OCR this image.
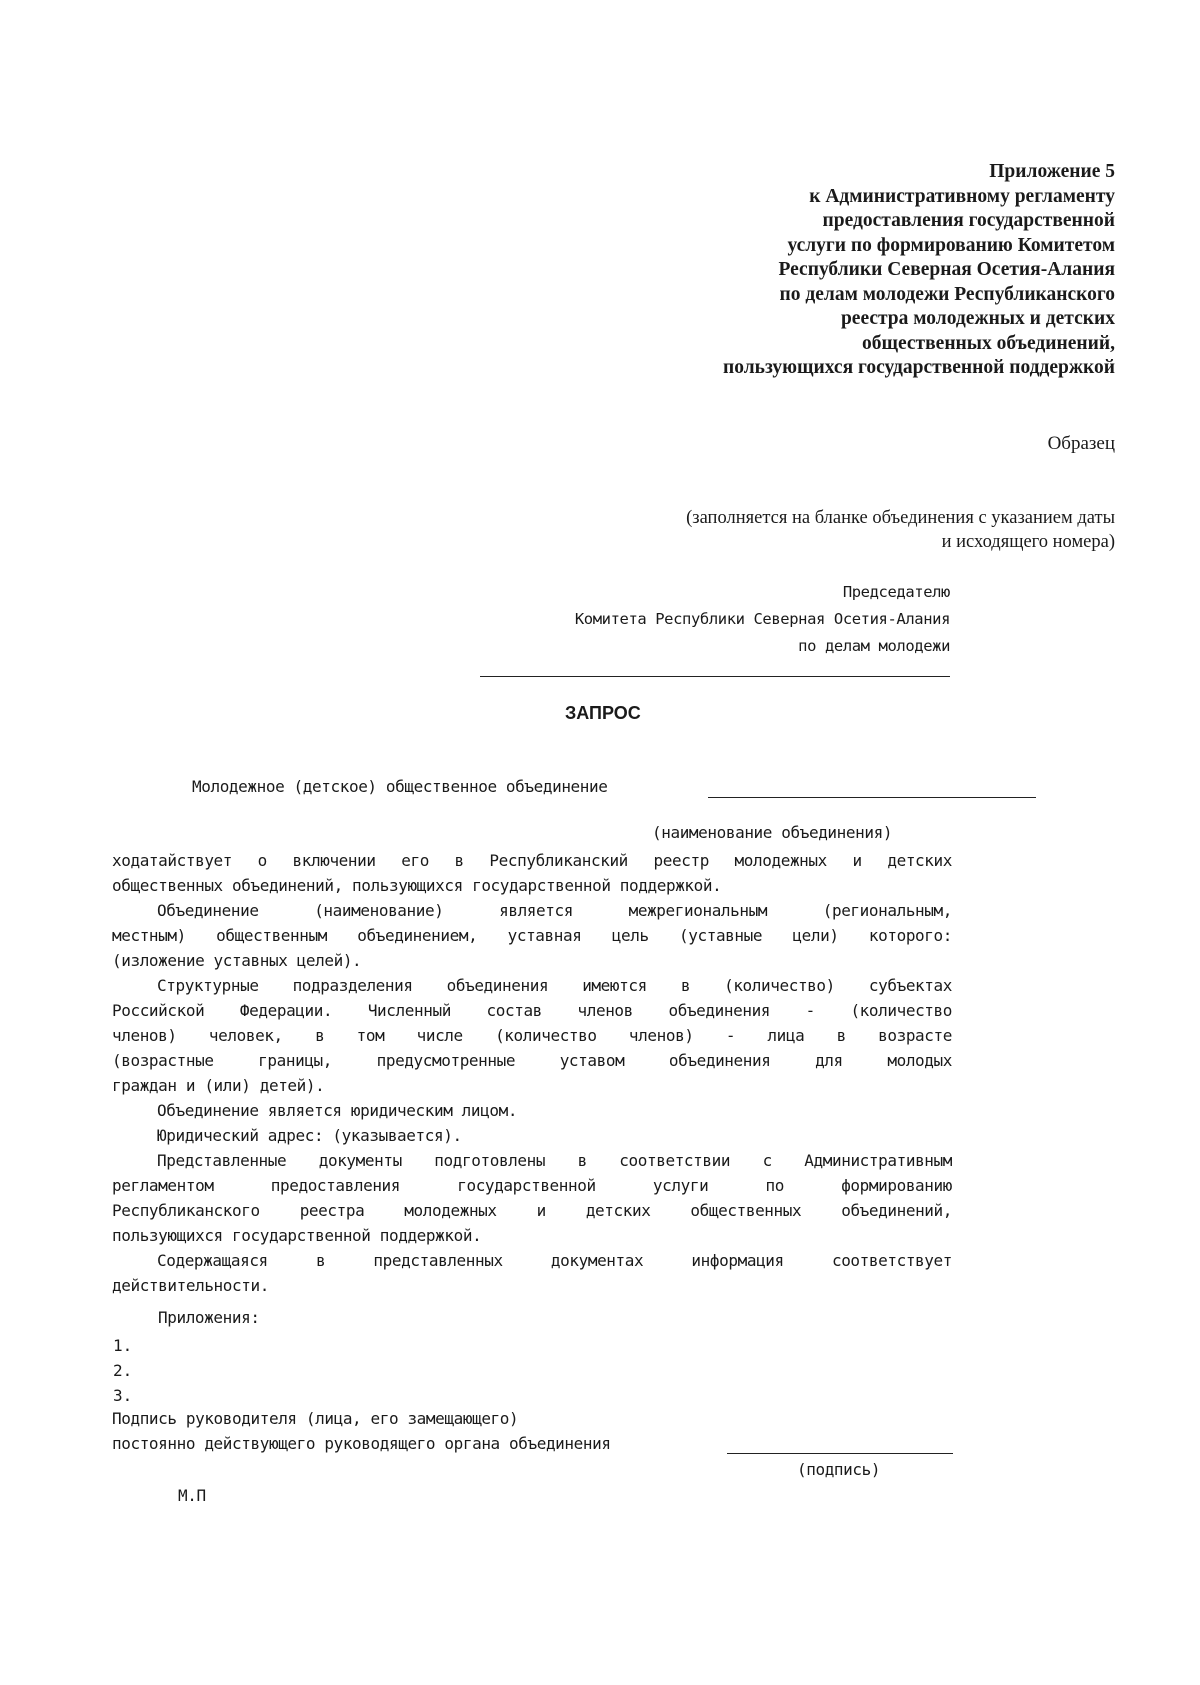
Приложение 5
к Административному регламенту
предоставления государственной
услуги по формированию Комитетом
Республики Северная Осетия-Алания
по делам молодежи Республиканского
реестра молодежных и детских
общественных объединений,
пользующихся государственной поддержкой
Образец
(заполняется на бланке объединения с указанием даты
и исходящего номера)
Председателю
Комитета Республики Северная Осетия-Алания
по делам молодежи
ЗАПРОС
Молодежное (детское) общественное объединение
(наименование объединения)
ходатайствует о включении его в Республиканский реестр молодежных и детских
общественных объединений, пользующихся государственной поддержкой.
Объединение (наименование) является межрегиональным (региональным,
местным) общественным объединением, уставная цель (уставные цели) которого:
(изложение уставных целей).
Структурные подразделения объединения имеются в (количество) субъектах
Российской Федерации. Численный состав членов объединения - (количество
членов) человек, в том числе (количество членов) - лица в возрасте
(возрастные границы, предусмотренные уставом объединения для молодых
граждан и (или) детей).
Объединение является юридическим лицом.
Юридический адрес: (указывается).
Представленные документы подготовлены в соответствии с Административным
регламентом предоставления государственной услуги по формированию
Республиканского реестра молодежных и детских общественных объединений,
пользующихся государственной поддержкой.
Содержащаяся в представленных документах информация соответствует
действительности.
Приложения:
1.
2.
3.
Подпись руководителя (лица, его замещающего)
постоянно действующего руководящего органа объединения
(подпись)
М.П
